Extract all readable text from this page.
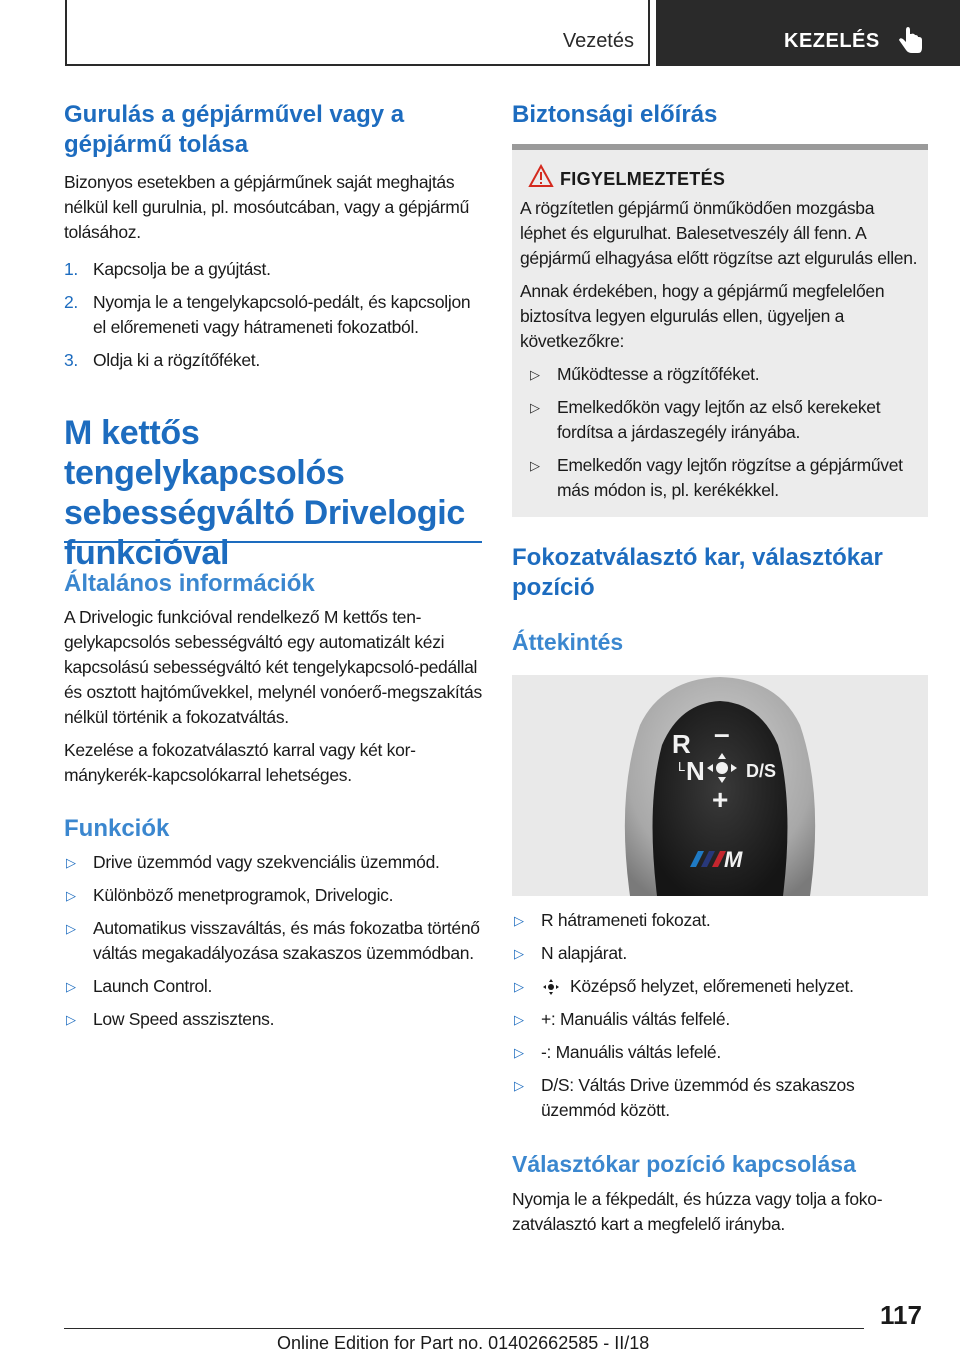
Vezetés	KEZELÉS
Gurulás a gépjárművel vagy a gépjármű tolása

Bizonyos esetekben a gépjárműnek saját meghajtás nélkül kell gurulnia, pl. mosóutcában, vagy a gépjármű tolásához.

1. Kapcsolja be a gyújtást.
2. Nyomja le a tengelykapcsoló-pedált, és kapcsoljon el előremeneti vagy hátrameneti fokozatból.
3. Oldja ki a rögzítőféket.
M kettős tengelykapcsolós sebességváltó Drivelogic funkcióval
Általános információk

A Drivelogic funkcióval rendelkező M kettős tengelykapcsolós sebességváltó egy automatizált kézi kapcsolású sebességváltó két tengelykapcsoló-pedállal és osztott hajtóművekkel, melynél vonóerő-megszakítás nélkül történik a fokozatváltás.

Kezelése a fokozatválasztó karral vagy két kormánykerék-kapcsolókarral lehetséges.

Funkciók
▷ Drive üzemmód vagy szekvenciális üzemmód.
▷ Különböző menetprogramok, Drivelogic.
▷ Automatikus visszaváltás, és más fokozatba történő váltás megakadályozása szakaszos üzemmódban.
▷ Launch Control.
▷ Low Speed asszisztens.
Biztonsági előírás
FIGYELMEZTETÉS

A rögzítetlen gépjármű önműködően mozgásba léphet és elgurulhat. Balesetveszély áll fenn. A gépjármű elhagyása előtt rögzítse azt elgurulás ellen.

Annak érdekében, hogy a gépjármű megfelelően biztosítva legyen elgurulás ellen, ügyeljen a következőkre:

▷ Működtesse a rögzítőféket.
▷ Emelkedőkön vagy lejtőn az első kerekeket fordítsa a járdaszegély irányába.
▷ Emelkedőn vagy lejtőn rögzítse a gépjárművet más módon is, pl. kerékékkel.
Fokozatválasztó kar, választókar pozíció
Áttekintés
R –
L N D/S
+
M
▷ R hátrameneti fokozat.
▷ N alapjárat.
▷	Középső helyzet, előremeneti helyzet.
▷ +: Manuális váltás felfelé.
▷ -: Manuális váltás lefelé.
▷ D/S: Váltás Drive üzemmód és szakaszos üzemmód között.
Választókar pozíció kapcsolása

Nyomja le a fékpedált, és húzza vagy tolja a fokozatválasztó kart a megfelelő irányba.

117
Online Edition for Part no. 01402662585 - II/18
